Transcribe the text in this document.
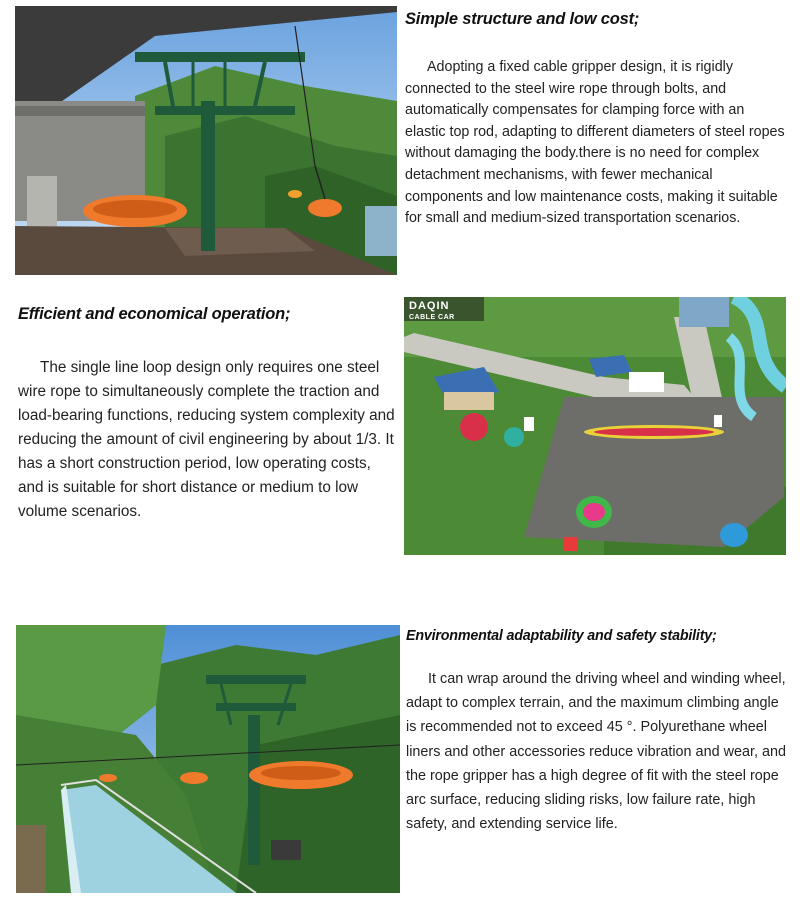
Simple structure and low cost;

Adopting a fixed cable gripper design, it is rigidly connected to the steel wire rope through bolts, and automatically compensates for clamping force with an elastic top rod, adapting to different diameters of steel ropes without damaging the body.there is no need for complex detachment mechanisms, with fewer mechanical components and low maintenance costs, making it suitable for small and medium-sized transportation scenarios.

Efficient and economical operation;

The single line loop design only requires one steel wire rope to simultaneously complete the traction and load-bearing functions, reducing system complexity and reducing the amount of civil engineering by about 1/3. It has a short construction period, low operating costs, and is suitable for short distance or medium to low volume scenarios.

DAQIN
CABLE CAR
Environmental adaptability and safety stability;

It can wrap around the driving wheel and winding wheel, adapt to complex terrain, and the maximum climbing angle is recommended not to exceed 45 °. Polyurethane wheel liners and other accessories reduce vibration and wear, and the rope gripper has a high degree of fit with the steel rope arc surface, reducing sliding risks, low failure rate, high safety, and extending service life.
